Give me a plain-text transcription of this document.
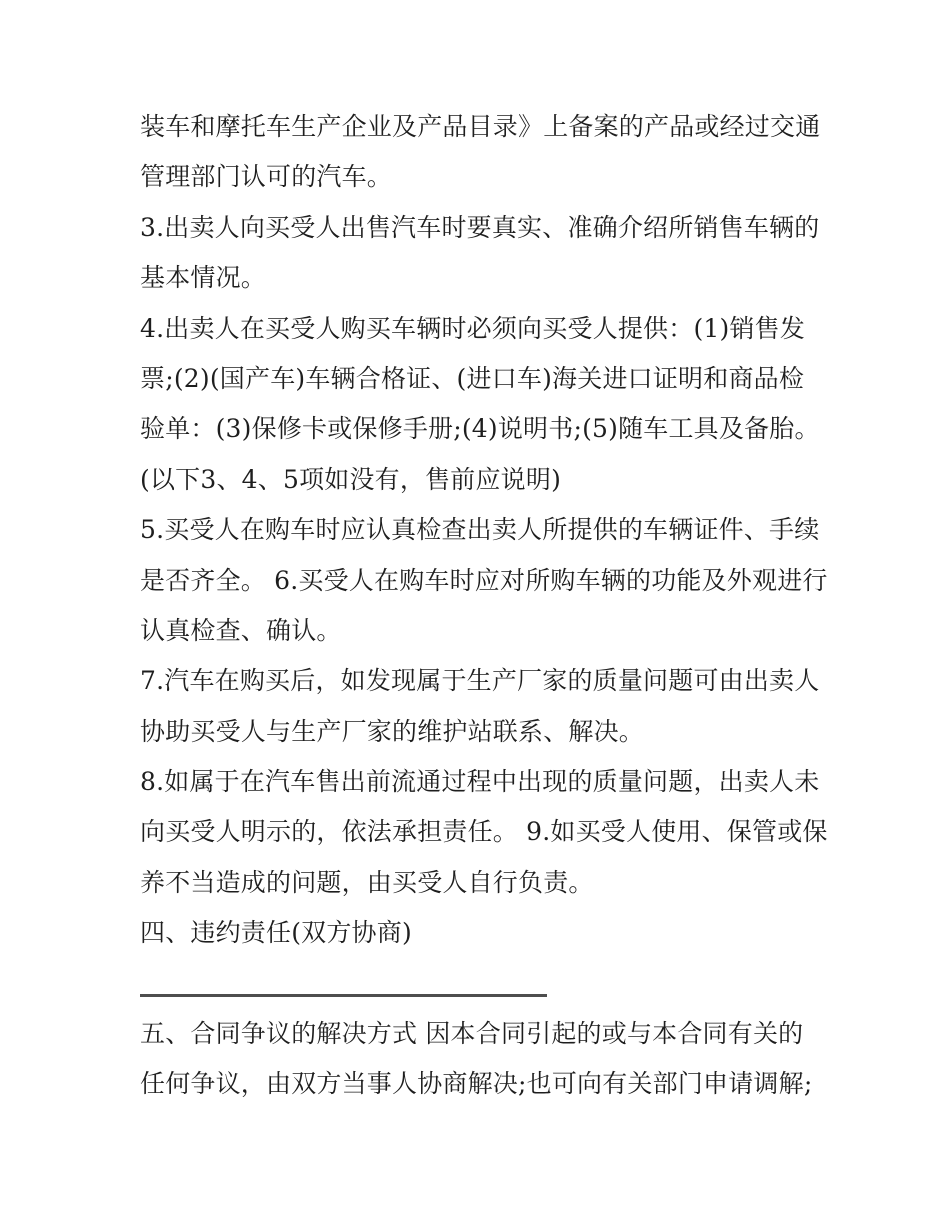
装车和摩托车生产企业及产品目录》上备案的产品或经过交通
管理部门认可的汽车。
3.出卖人向买受人出售汽车时要真实、准确介绍所销售车辆的
基本情况。
4.出卖人在买受人购买车辆时必须向买受人提供：(1)销售发
票;(2)(国产车)车辆合格证、(进口车)海关进口证明和商品检
验单：(3)保修卡或保修手册;(4)说明书;(5)随车工具及备胎。
(以下3、4、5项如没有，售前应说明)
5.买受人在购车时应认真检查出卖人所提供的车辆证件、手续
是否齐全。 6.买受人在购车时应对所购车辆的功能及外观进行
认真检查、确认。
7.汽车在购买后，如发现属于生产厂家的质量问题可由出卖人
协助买受人与生产厂家的维护站联系、解决。
8.如属于在汽车售出前流通过程中出现的质量问题，出卖人未
向买受人明示的，依法承担责任。 9.如买受人使用、保管或保
养不当造成的问题，由买受人自行负责。
四、违约责任(双方协商)
五、合同争议的解决方式 因本合同引起的或与本合同有关的
任何争议，由双方当事人协商解决;也可向有关部门申请调解;
